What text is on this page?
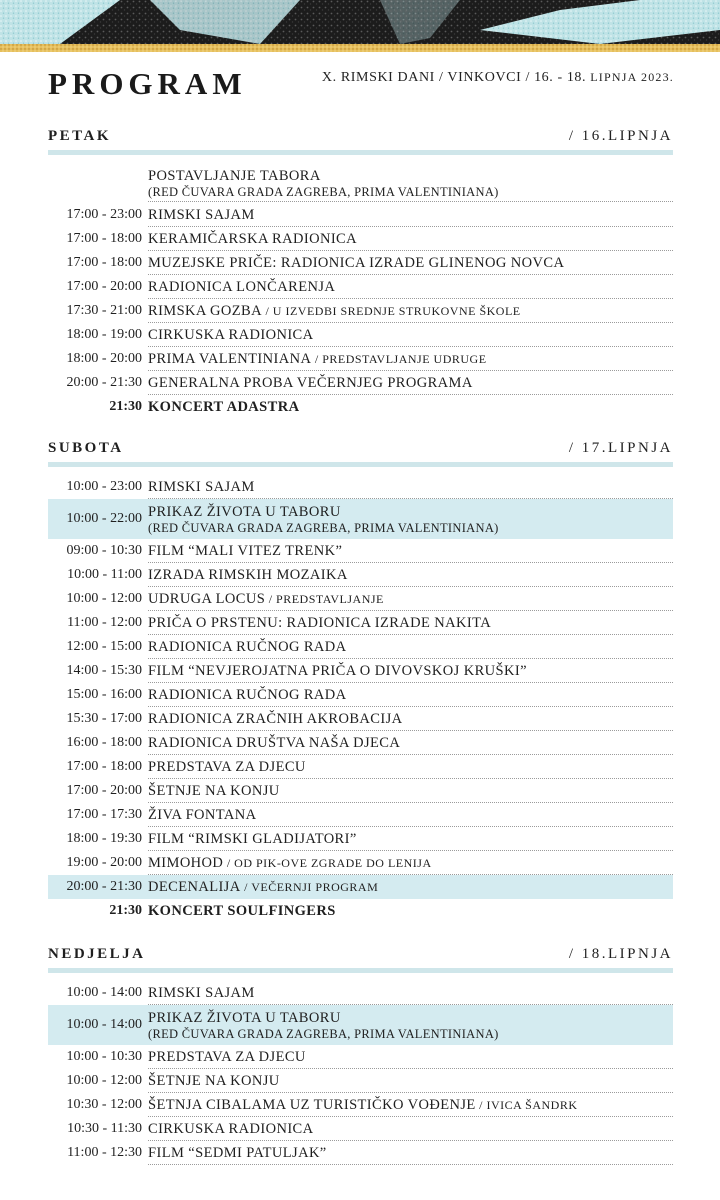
PROGRAM	X. RIMSKI DANI / VINKOVCI / 16. - 18. LIPNJA 2023.
PETAK	/ 16.LIPNJA
POSTAVLJANJE TABORA
(RED ČUVARA GRADA ZAGREBA, PRIMA VALENTINIANA)
17:00 - 23:00 RIMSKI SAJAM
17:00 - 18:00 KERAMIČARSKA RADIONICA
17:00 - 18:00 MUZEJSKE PRIČE: RADIONICA IZRADE GLINENOG NOVCA
17:00 - 20:00 RADIONICA LONČARENJA
17:30 - 21:00 RIMSKA GOZBA / U IZVEDBI SREDNJE STRUKOVNE ŠKOLE
18:00 - 19:00 CIRKUSKA RADIONICA
18:00 - 20:00 PRIMA VALENTINIANA / PREDSTAVLJANJE UDRUGE
20:00 - 21:30 GENERALNA PROBA VEČERNJEG PROGRAMA
21:30 KONCERT ADASTRA
SUBOTA	/ 17.LIPNJA
10:00 - 23:00 RIMSKI SAJAM
10:00 - 22:00 PRIKAZ ŽIVOTA U TABORU
(RED ČUVARA GRADA ZAGREBA, PRIMA VALENTINIANA)
09:00 - 10:30 FILM “MALI VITEZ TRENK”
10:00 - 11:00 IZRADA RIMSKIH MOZAIKA
10:00 - 12:00 UDRUGA LOCUS / PREDSTAVLJANJE
11:00 - 12:00 PRIČA O PRSTENU: RADIONICA IZRADE NAKITA
12:00 - 15:00 RADIONICA RUČNOG RADA
14:00 - 15:30 FILM “NEVJEROJATNA PRIČA O DIVOVSKOJ KRUŠKI”
15:00 - 16:00 RADIONICA RUČNOG RADA
15:30 - 17:00 RADIONICA ZRAČNIH AKROBACIJA
16:00 - 18:00 RADIONICA DRUŠTVA NAŠA DJECA
17:00 - 18:00 PREDSTAVA ZA DJECU
17:00 - 20:00 ŠETNJE NA KONJU
17:00 - 17:30 ŽIVA FONTANA
18:00 - 19:30 FILM “RIMSKI GLADIJATORI”
19:00 - 20:00 MIMOHOD / OD PIK-OVE ZGRADE DO LENIJA
20:00 - 21:30 DECENALIJA / VEČERNJI PROGRAM
21:30 KONCERT SOULFINGERS
NEDJELJA	/ 18.LIPNJA
10:00 - 14:00 RIMSKI SAJAM
10:00 - 14:00 PRIKAZ ŽIVOTA U TABORU
(RED ČUVARA GRADA ZAGREBA, PRIMA VALENTINIANA)
10:00 - 10:30 PREDSTAVA ZA DJECU
10:00 - 12:00 ŠETNJE NA KONJU
10:30 - 12:00 ŠETNJA CIBALAMA UZ TURISTIČKO VOĐENJE / IVICA ŠANDRK
10:30 - 11:30 CIRKUSKA RADIONICA
11:00 - 12:30 FILM “SEDMI PATULJAK”
